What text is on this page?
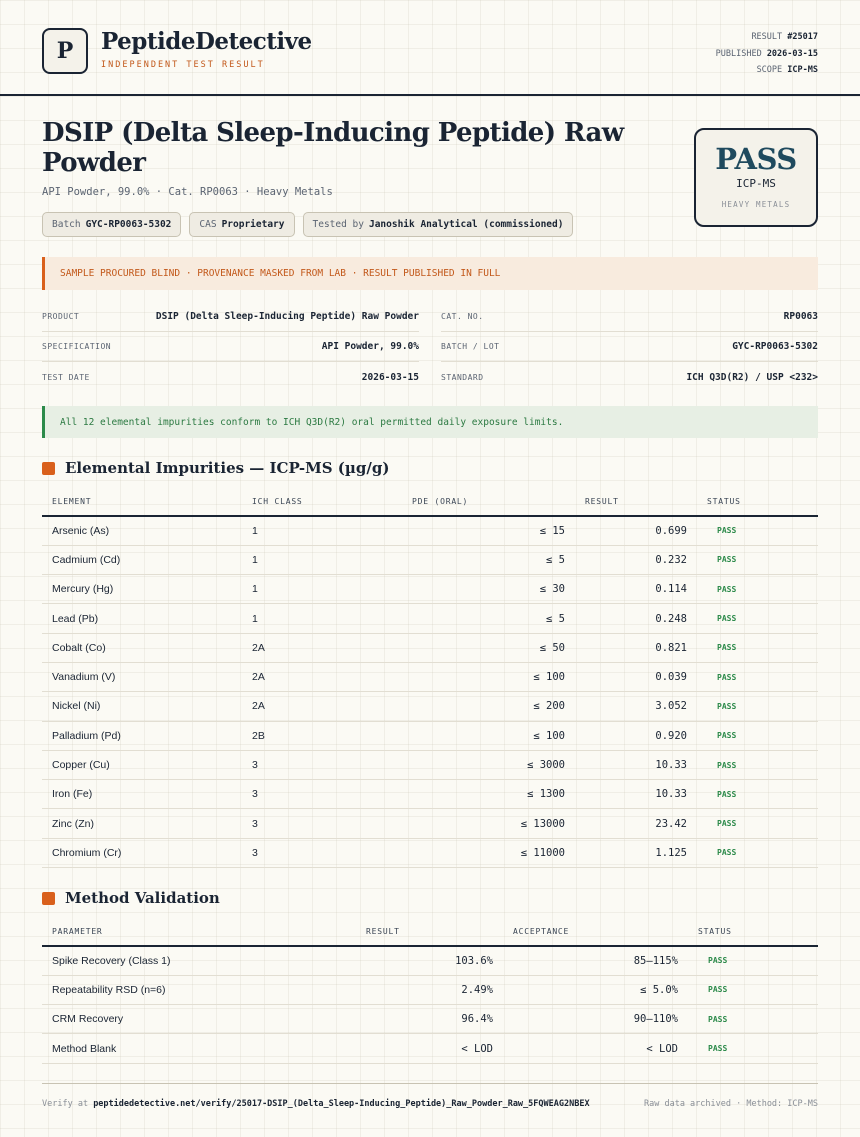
P	PeptideDetective
INDEPENDENT TEST RESULT
RESULT #25017
PUBLISHED 2026-03-15
SCOPE ICP-MS
DSIP (Delta Sleep-Inducing Peptide) Raw Powder
API Powder, 99.0% · Cat. RP0063 · Heavy Metals
Batch GYC-RP0063-5302	CAS Proprietary	Tested by Janoshik Analytical (commissioned)
PASS
ICP-MS
HEAVY METALS
SAMPLE PROCURED BLIND · PROVENANCE MASKED FROM LAB · RESULT PUBLISHED IN FULL
PRODUCT	DSIP (Delta Sleep-Inducing Peptide) Raw Powder
SPECIFICATION	API Powder, 99.0%
TEST DATE	2026-03-15
CAT. NO.	RP0063
BATCH / LOT	GYC-RP0063-5302
STANDARD	ICH Q3D(R2) / USP <232>
All 12 elemental impurities conform to ICH Q3D(R2) oral permitted daily exposure limits.
Elemental Impurities — ICP-MS (µg/g)
ELEMENT	ICH CLASS	PDE (ORAL)	RESULT	STATUS
Arsenic (As)	1	≤ 15	0.699	PASS
Cadmium (Cd)	1	≤ 5	0.232	PASS
Mercury (Hg)	1	≤ 30	0.114	PASS
Lead (Pb)	1	≤ 5	0.248	PASS
Cobalt (Co)	2A	≤ 50	0.821	PASS
Vanadium (V)	2A	≤ 100	0.039	PASS
Nickel (Ni)	2A	≤ 200	3.052	PASS
Palladium (Pd)	2B	≤ 100	0.920	PASS
Copper (Cu)	3	≤ 3000	10.33	PASS
Iron (Fe)	3	≤ 1300	10.33	PASS
Zinc (Zn)	3	≤ 13000	23.42	PASS
Chromium (Cr)	3	≤ 11000	1.125	PASS
Method Validation
PARAMETER	RESULT	ACCEPTANCE	STATUS
Spike Recovery (Class 1)	103.6%	85–115%	PASS
Repeatability RSD (n=6)	2.49%	≤ 5.0%	PASS
CRM Recovery	96.4%	90–110%	PASS
Method Blank	< LOD	< LOD	PASS
Verify at peptidedetective.net/verify/25017-DSIP_(Delta_Sleep-Inducing_Peptide)_Raw_Powder_Raw_5FQWEAG2NBEX	Raw data archived · Method: ICP-MS
